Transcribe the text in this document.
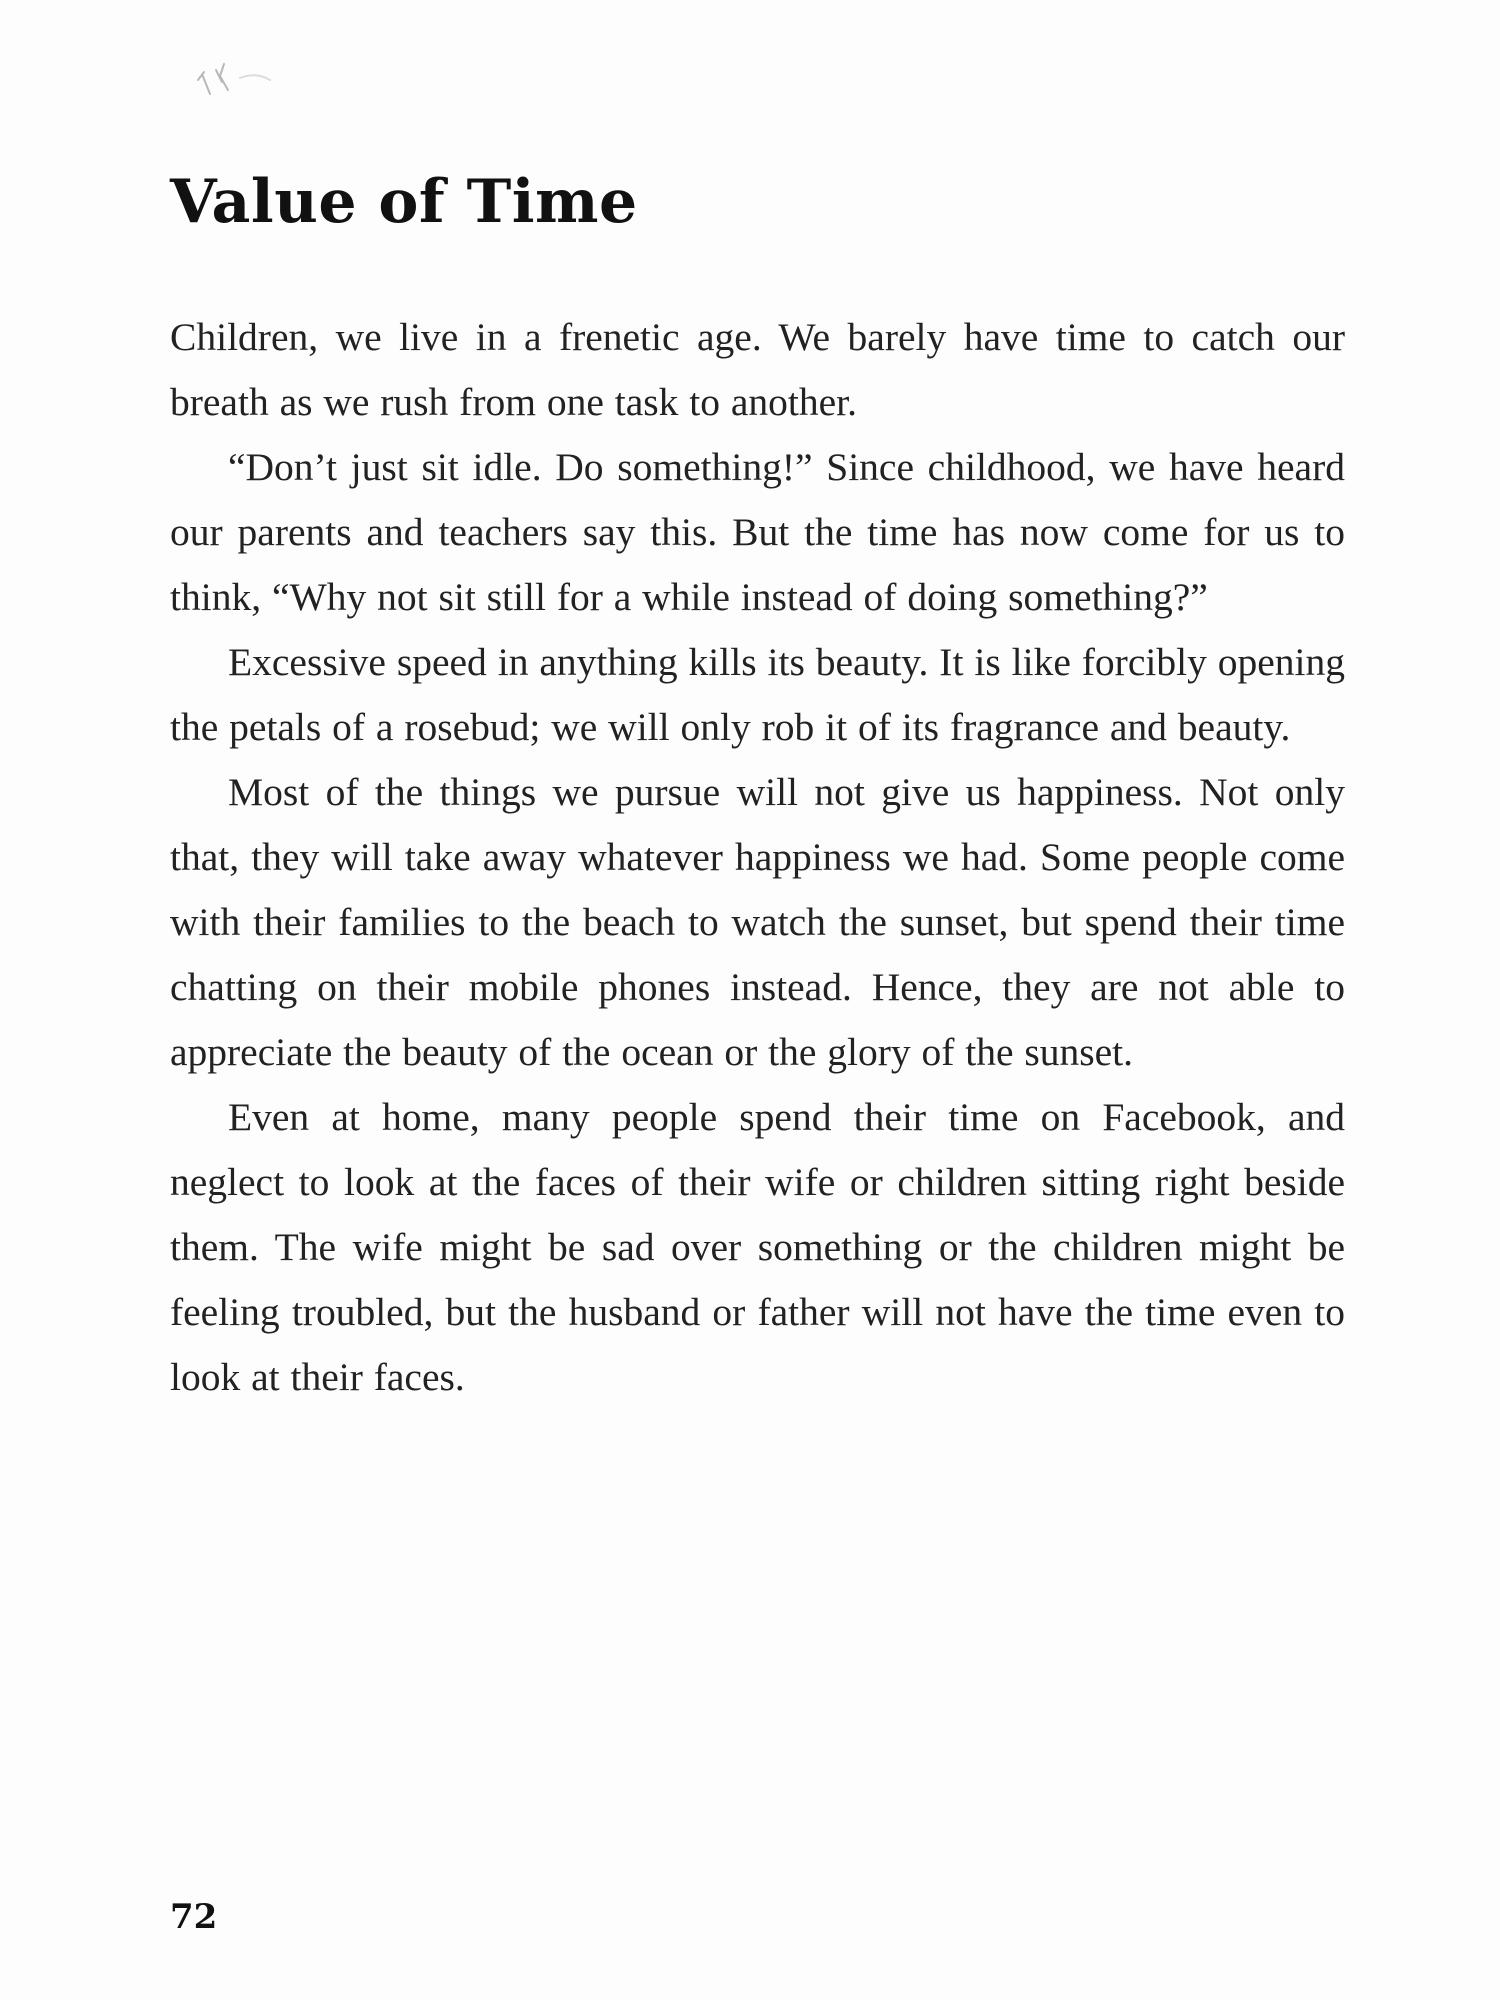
Value of Time

Children, we live in a frenetic age. We barely have time to catch our breath as we rush from one task to another.

“Don’t just sit idle. Do something!” Since childhood, we have heard our parents and teachers say this. But the time has now come for us to think, “Why not sit still for a while instead of doing something?”

Excessive speed in anything kills its beauty. It is like forcibly opening the petals of a rosebud; we will only rob it of its fragrance and beauty.

Most of the things we pursue will not give us happiness. Not only that, they will take away whatever happiness we had. Some people come with their families to the beach to watch the sunset, but spend their time chatting on their mobile phones instead. Hence, they are not able to appreciate the beauty of the ocean or the glory of the sunset.

Even at home, many people spend their time on Facebook, and neglect to look at the faces of their wife or children sitting right beside them. The wife might be sad over something or the children might be feeling troubled, but the husband or father will not have the time even to look at their faces.

72
